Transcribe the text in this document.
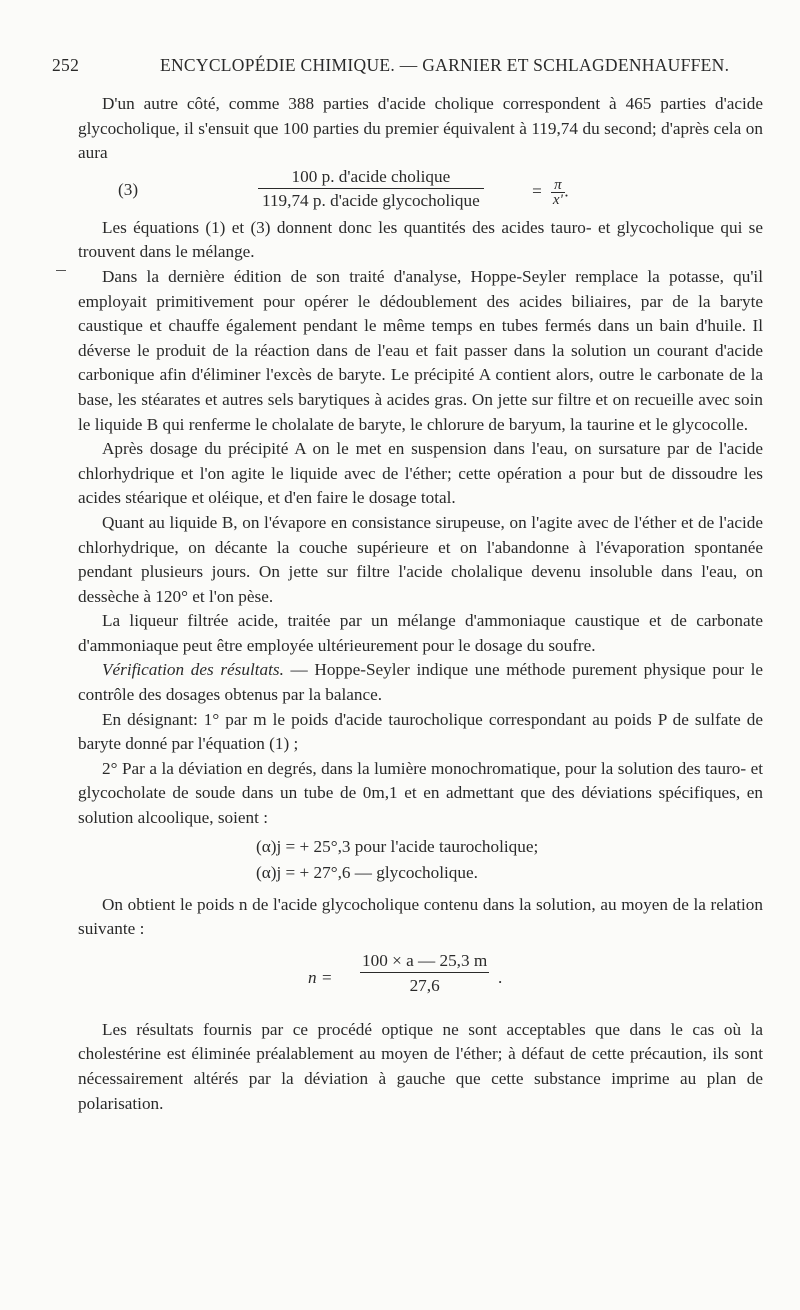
252	ENCYCLOPÉDIE CHIMIQUE. — GARNIER ET SCHLAGDENHAUFFEN.

D'un autre côté, comme 388 parties d'acide cholique correspondent à 465 parties d'acide glycocholique, il s'ensuit que 100 parties du premier équivalent à 119,74 du second; d'après cela on aura

(3)
100 p. d'acide cholique
119,74 p. d'acide glycocholique
= $\frac{\pi}{x'}$ .

Les équations (1) et (3) donnent donc les quantités des acides tauro- et glycocholique qui se trouvent dans le mélange.

Dans la dernière édition de son traité d'analyse, Hoppe-Seyler remplace la potasse, qu'il employait primitivement pour opérer le dédoublement des acides biliaires, par de la baryte caustique et chauffe également pendant le même temps en tubes fermés dans un bain d'huile. Il déverse le produit de la réaction dans de l'eau et fait passer dans la solution un courant d'acide carbonique afin d'éliminer l'excès de baryte. Le précipité A contient alors, outre le carbonate de la base, les stéarates et autres sels barytiques à acides gras. On jette sur filtre et on recueille avec soin le liquide B qui renferme le cholalate de baryte, le chlorure de baryum, la taurine et le glycocolle.

Après dosage du précipité A on le met en suspension dans l'eau, on sursature par de l'acide chlorhydrique et l'on agite le liquide avec de l'éther; cette opération a pour but de dissoudre les acides stéarique et oléique, et d'en faire le dosage total.

Quant au liquide B, on l'évapore en consistance sirupeuse, on l'agite avec de l'éther et de l'acide chlorhydrique, on décante la couche supérieure et on l'abandonne à l'évaporation spontanée pendant plusieurs jours. On jette sur filtre l'acide cholalique devenu insoluble dans l'eau, on dessèche à 120° et l'on pèse.

La liqueur filtrée acide, traitée par un mélange d'ammoniaque caustique et de carbonate d'ammoniaque peut être employée ultérieurement pour le dosage du soufre.

Vérification des résultats. — Hoppe-Seyler indique une méthode purement physique pour le contrôle des dosages obtenus par la balance.

En désignant: 1° par m le poids d'acide taurocholique correspondant au poids P de sulfate de baryte donné par l'équation (1) ;

2° Par a la déviation en degrés, dans la lumière monochromatique, pour la solution des tauro- et glycocholate de soude dans un tube de 0m,1 et en admettant que des déviations spécifiques, en solution alcoolique, soient :

(α)j = + 25°,3 pour l'acide taurocholique;
(α)j = + 27°,6 — glycocholique.

On obtient le poids n de l'acide glycocholique contenu dans la solution, au moyen de la relation suivante :

$n = \frac{100 \times a — 25,3 m}{27,6}$ .

Les résultats fournis par ce procédé optique ne sont acceptables que dans le cas où la cholestérine est éliminée préalablement au moyen de l'éther; à défaut de cette précaution, ils sont nécessairement altérés par la déviation à gauche que cette substance imprime au plan de polarisation.
